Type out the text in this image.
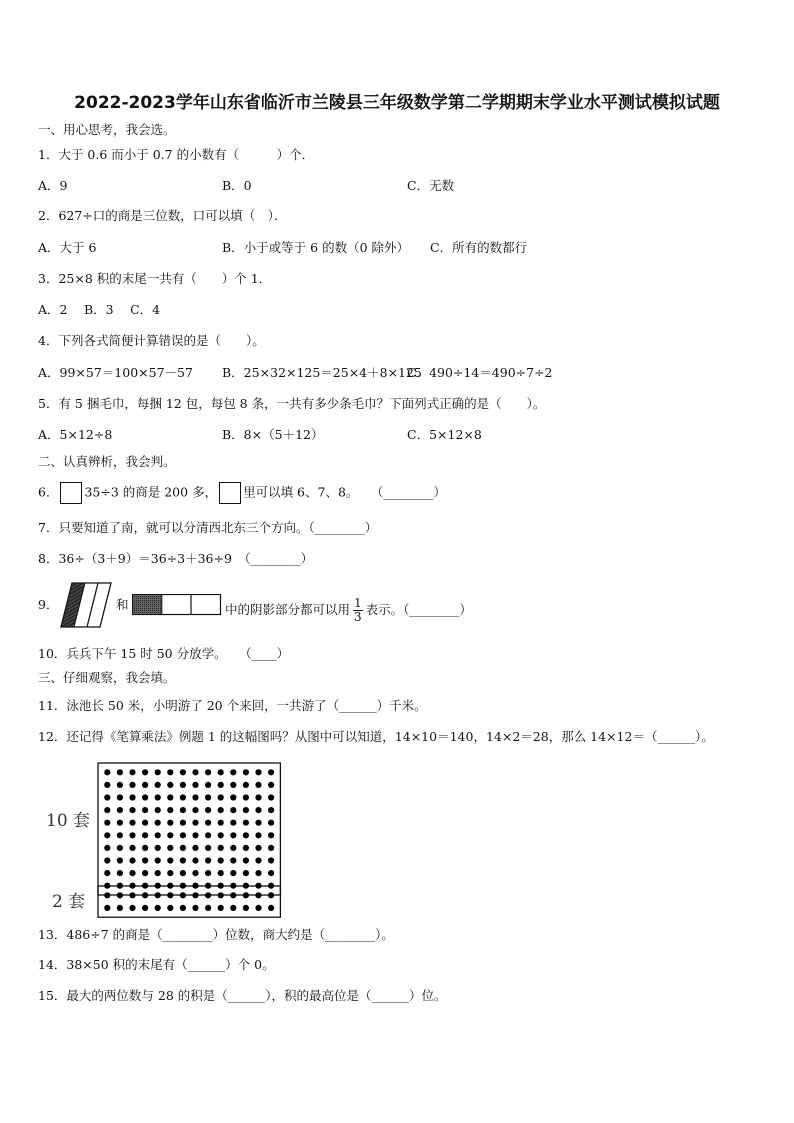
2022-2023学年山东省临沂市兰陵县三年级数学第二学期期末学业水平测试模拟试题
一、用心思考，我会选。
1．大于 0.6 而小于 0.7 的小数有（　　　）个．
A．9	B．0	C．无数
2．627÷口的商是三位数，口可以填（　）．
A．大于 6	B．小于或等于 6 的数（0 除外） C．所有的数都行
3．25×8 积的末尾一共有（　　）个 1．
A．2　 B．3　 C．4
4．下列各式简便计算错误的是（　　）。
A．99×57＝100×57－57 B．25×32×125＝25×4＋8×125
C．490÷14＝490÷7÷2
5．有 5 捆毛巾，每捆 12 包，每包 8 条，一共有多少条毛巾？下面列式正确的是（　　）。
A．5×12÷8	B．8×（5＋12）	C．5×12×8
二、认真辨析，我会判。
6． 35÷3 的商是 200 多， 里可以填 6、7、8。　　（________）
7．只要知道了南，就可以分清西北东三个方向。（________）
8．36÷（3＋9）＝36÷3＋36÷9　（________）
9．	和	中的阴影部分都可以用 $\frac{1}{3}$ 表示。（________）
10．兵兵下午 15 时 50 分放学。　　（____）
三、仔细观察，我会填。
11．泳池长 50 米，小明游了 20 个来回，一共游了（______）千米。
12．还记得《笔算乘法》例题 1 的这幅图吗？从图中可以知道，14×10＝140，14×2＝28，那么 14×12＝（______）。
10 套
2 套
13．486÷7 的商是（________）位数，商大约是（________）。
14．38×50 积的末尾有（______）个 0。
15．最大的两位数与 28 的积是（______），积的最高位是（______）位。
